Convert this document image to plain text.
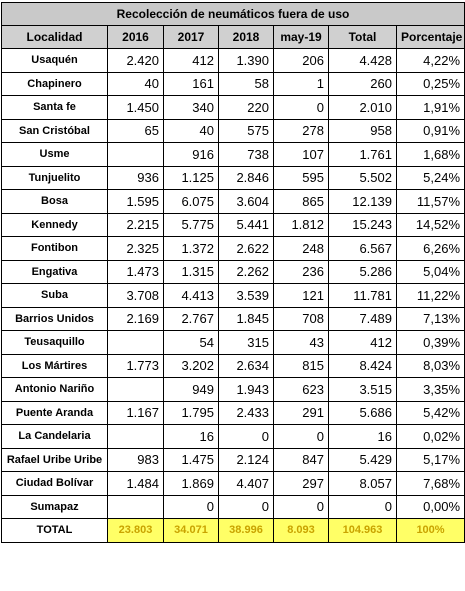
Recolección de neumáticos fuera de uso						
Localidad	2016	2017	2018	may-19	Total	Porcentaje
Usaquén	2.420	412	1.390	206	4.428	4,22%
Chapinero	40	161	58	1	260	0,25%
Santa fe	1.450	340	220	0	2.010	1,91%
San Cristóbal	65	40	575	278	958	0,91%
Usme		916	738	107	1.761	1,68%
Tunjuelito	936	1.125	2.846	595	5.502	5,24%
Bosa	1.595	6.075	3.604	865	12.139	11,57%
Kennedy	2.215	5.775	5.441	1.812	15.243	14,52%
Fontibon	2.325	1.372	2.622	248	6.567	6,26%
Engativa	1.473	1.315	2.262	236	5.286	5,04%
Suba	3.708	4.413	3.539	121	11.781	11,22%
Barrios Unidos	2.169	2.767	1.845	708	7.489	7,13%
Teusaquillo		54	315	43	412	0,39%
Los Mártires	1.773	3.202	2.634	815	8.424	8,03%
Antonio Nariño		949	1.943	623	3.515	3,35%
Puente Aranda	1.167	1.795	2.433	291	5.686	5,42%
La Candelaria		16	0	0	16	0,02%
Rafael Uribe Uribe	983	1.475	2.124	847	5.429	5,17%
Ciudad Bolívar	1.484	1.869	4.407	297	8.057	7,68%
Sumapaz		0	0	0	0	0,00%
TOTAL	23.803	34.071	38.996	8.093	104.963	100%
